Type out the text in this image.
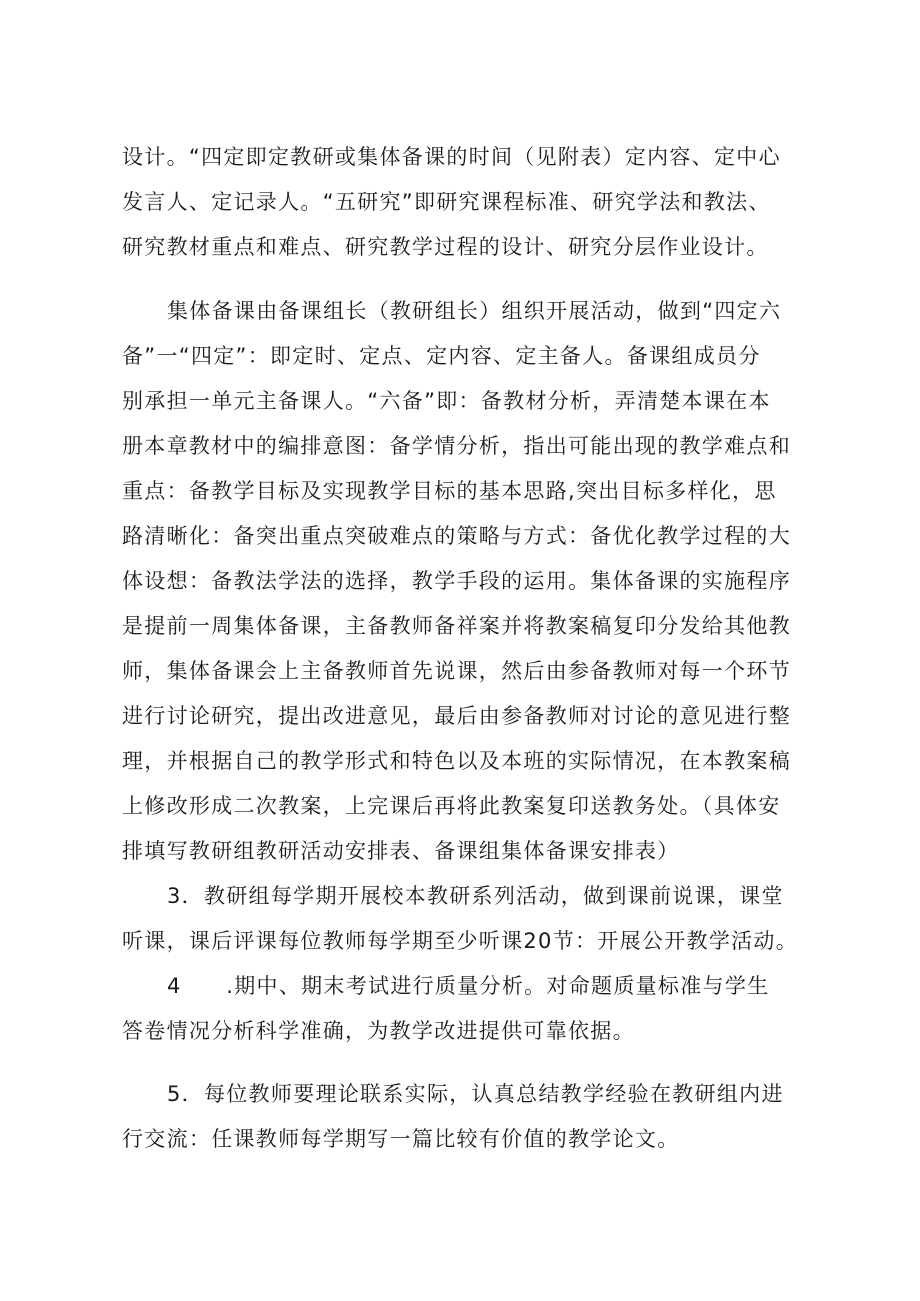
设计。“四定即定教研或集体备课的时间（见附表）定内容、定中心
发言人、定记录人。“五研究”即研究课程标准、研究学法和教法、
研究教材重点和难点、研究教学过程的设计、研究分层作业设计。
集体备课由备课组长（教研组长）组织开展活动，做到“四定六
备”一“四定”：即定时、定点、定内容、定主备人。备课组成员分
别承担一单元主备课人。“六备”即：备教材分析，弄清楚本课在本
册本章教材中的编排意图：备学情分析，指出可能出现的教学难点和
重点：备教学目标及实现教学目标的基本思路,突出目标多样化，思
路清晰化：备突出重点突破难点的策略与方式：备优化教学过程的大
体设想：备教法学法的选择，教学手段的运用。集体备课的实施程序
是提前一周集体备课，主备教师备祥案并将教案稿复印分发给其他教
师，集体备课会上主备教师首先说课，然后由参备教师对每一个环节
进行讨论研究，提出改进意见，最后由参备教师对讨论的意见进行整
理，并根据自己的教学形式和特色以及本班的实际情况，在本教案稿
上修改形成二次教案，上完课后再将此教案复印送教务处。（具体安
排填写教研组教研活动安排表、备课组集体备课安排表）
3．教研组每学期开展校本教研系列活动，做到课前说课，课堂
听课，课后评课每位教师每学期至少听课20节：开展公开教学活动。
4　　.期中、期末考试进行质量分析。对命题质量标准与学生
答卷情况分析科学准确，为教学改进提供可靠依据。
5．每位教师要理论联系实际，认真总结教学经验在教研组内进
行交流：任课教师每学期写一篇比较有价值的教学论文。
